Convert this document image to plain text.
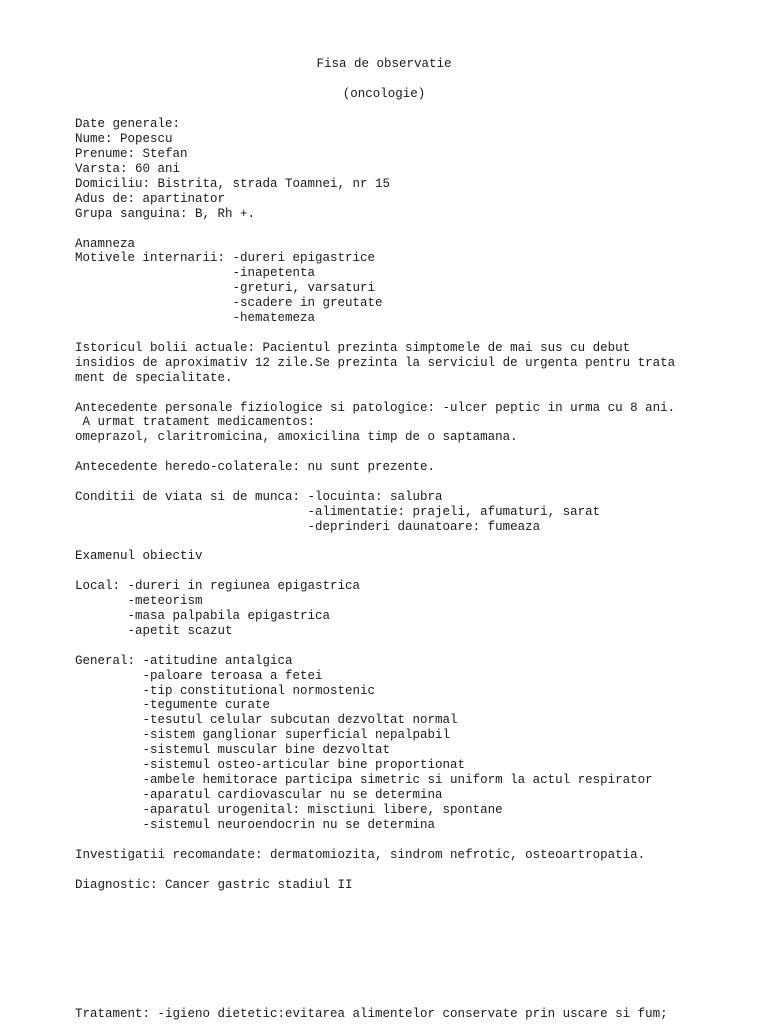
Fisa de observatie
(oncologie)
Date generale:
Nume: Popescu
Prenume: Stefan
Varsta: 60 ani
Domiciliu: Bistrita, strada Toamnei, nr 15
Adus de: apartinator
Grupa sanguina: B, Rh +.
Anamneza
Motivele internarii: -dureri epigastrice
-inapetenta
-greturi, varsaturi
-scadere in greutate
-hematemeza
Istoricul bolii actuale: Pacientul prezinta simptomele de mai sus cu debut
insidios de aproximativ 12 zile.Se prezinta la serviciul de urgenta pentru trata
ment de specialitate.
Antecedente personale fiziologice si patologice: -ulcer peptic in urma cu 8 ani.
A urmat tratament medicamentos:
omeprazol, claritromicina, amoxicilina timp de o saptamana.
Antecedente heredo-colaterale: nu sunt prezente.
Conditii de viata si de munca: -locuinta: salubra
-alimentatie: prajeli, afumaturi, sarat
-deprinderi daunatoare: fumeaza
Examenul obiectiv
Local: -dureri in regiunea epigastrica
-meteorism
-masa palpabila epigastrica
-apetit scazut
General: -atitudine antalgica
-paloare teroasa a fetei
-tip constitutional normostenic
-tegumente curate
-tesutul celular subcutan dezvoltat normal
-sistem ganglionar superficial nepalpabil
-sistemul muscular bine dezvoltat
-sistemul osteo-articular bine proportionat
-ambele hemitorace participa simetric si uniform la actul respirator
-aparatul cardiovascular nu se determina
-aparatul urogenital: misctiuni libere, spontane
-sistemul neuroendocrin nu se determina
Investigatii recomandate: dermatomiozita, sindrom nefrotic, osteoartropatia.
Diagnostic: Cancer gastric stadiul II
Tratament: -igieno dietetic:evitarea alimentelor conservate prin uscare si fum;
